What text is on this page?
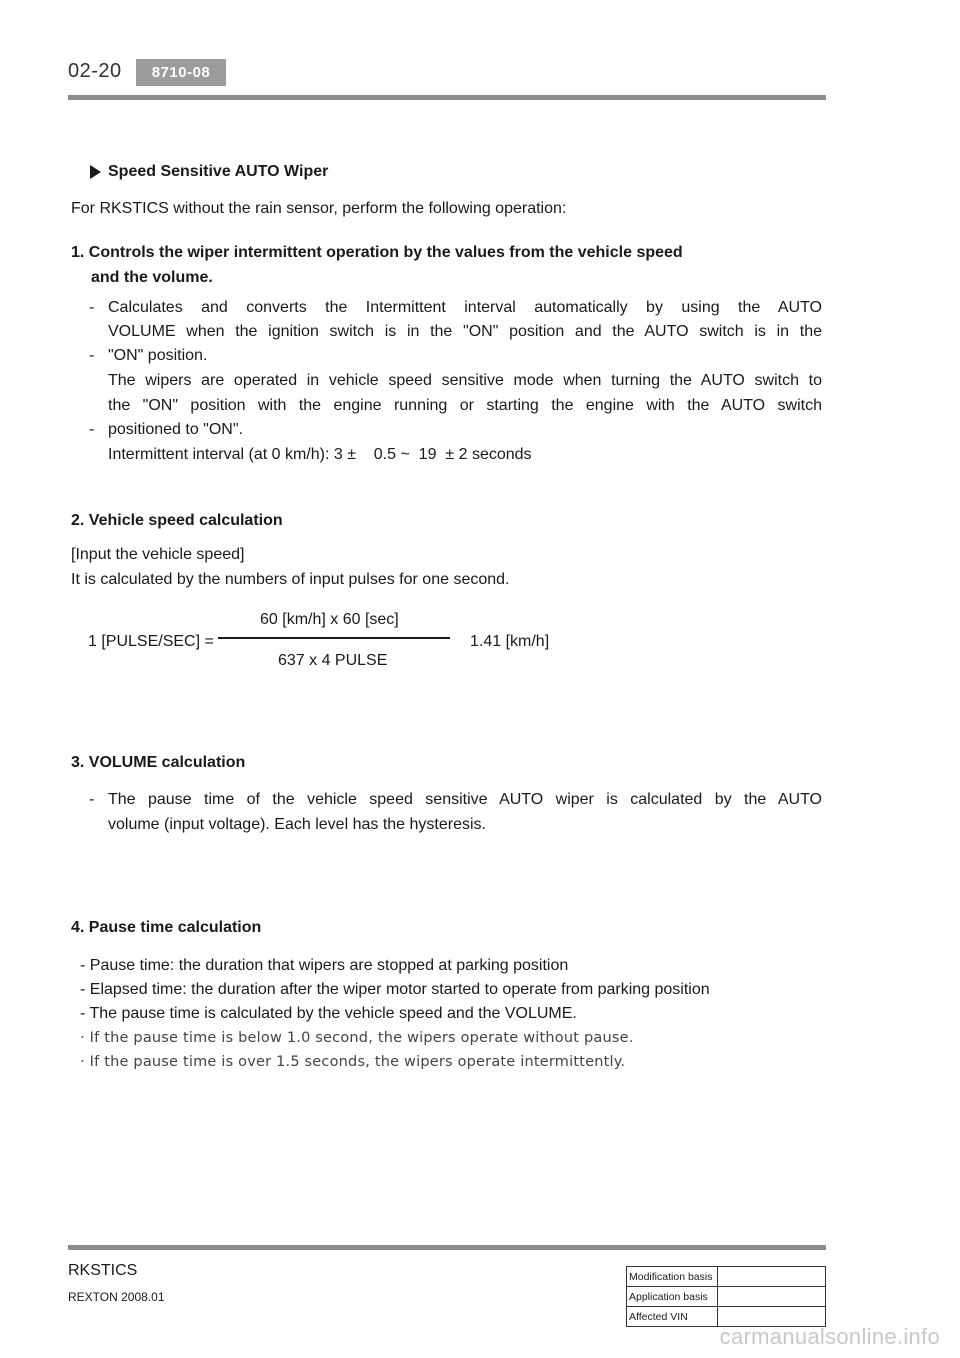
02-20	8710-08
Speed Sensitive AUTO Wiper
For RKSTICS without the rain sensor, perform the following operation:
1. Controls the wiper intermittent operation by the values from the vehicle speed
and the volume.
- Calculates and converts the Intermittent interval automatically by using the AUTO
VOLUME when the ignition switch is in the "ON" position and the AUTO switch is in the
- "ON" position.
The wipers are operated in vehicle speed sensitive mode when turning the AUTO switch to
the "ON" position with the engine running or starting the engine with the AUTO switch
- positioned to "ON".
Intermittent interval (at 0 km/h): 3 ±    0.5 ~  19  ± 2 seconds
2. Vehicle speed calculation
[Input the vehicle speed]
It is calculated by the numbers of input pulses for one second.
60 [km/h] x 60 [sec]
1 [PULSE/SEC] =	1.41 [km/h]
637 x 4 PULSE
3. VOLUME calculation
- The pause time of the vehicle speed sensitive AUTO wiper is calculated by the AUTO
volume (input voltage). Each level has the hysteresis.
4. Pause time calculation
- Pause time: the duration that wipers are stopped at parking position
- Elapsed time: the duration after the wiper motor started to operate from parking position
- The pause time is calculated by the vehicle speed and the VOLUME.
· If the pause time is below 1.0 second, the wipers operate without pause.
· If the pause time is over 1.5 seconds, the wipers operate intermittently.
RKSTICS
REXTON 2008.01
Modification basis	
Application basis	
Affected VIN	
carmanualsonline.info
